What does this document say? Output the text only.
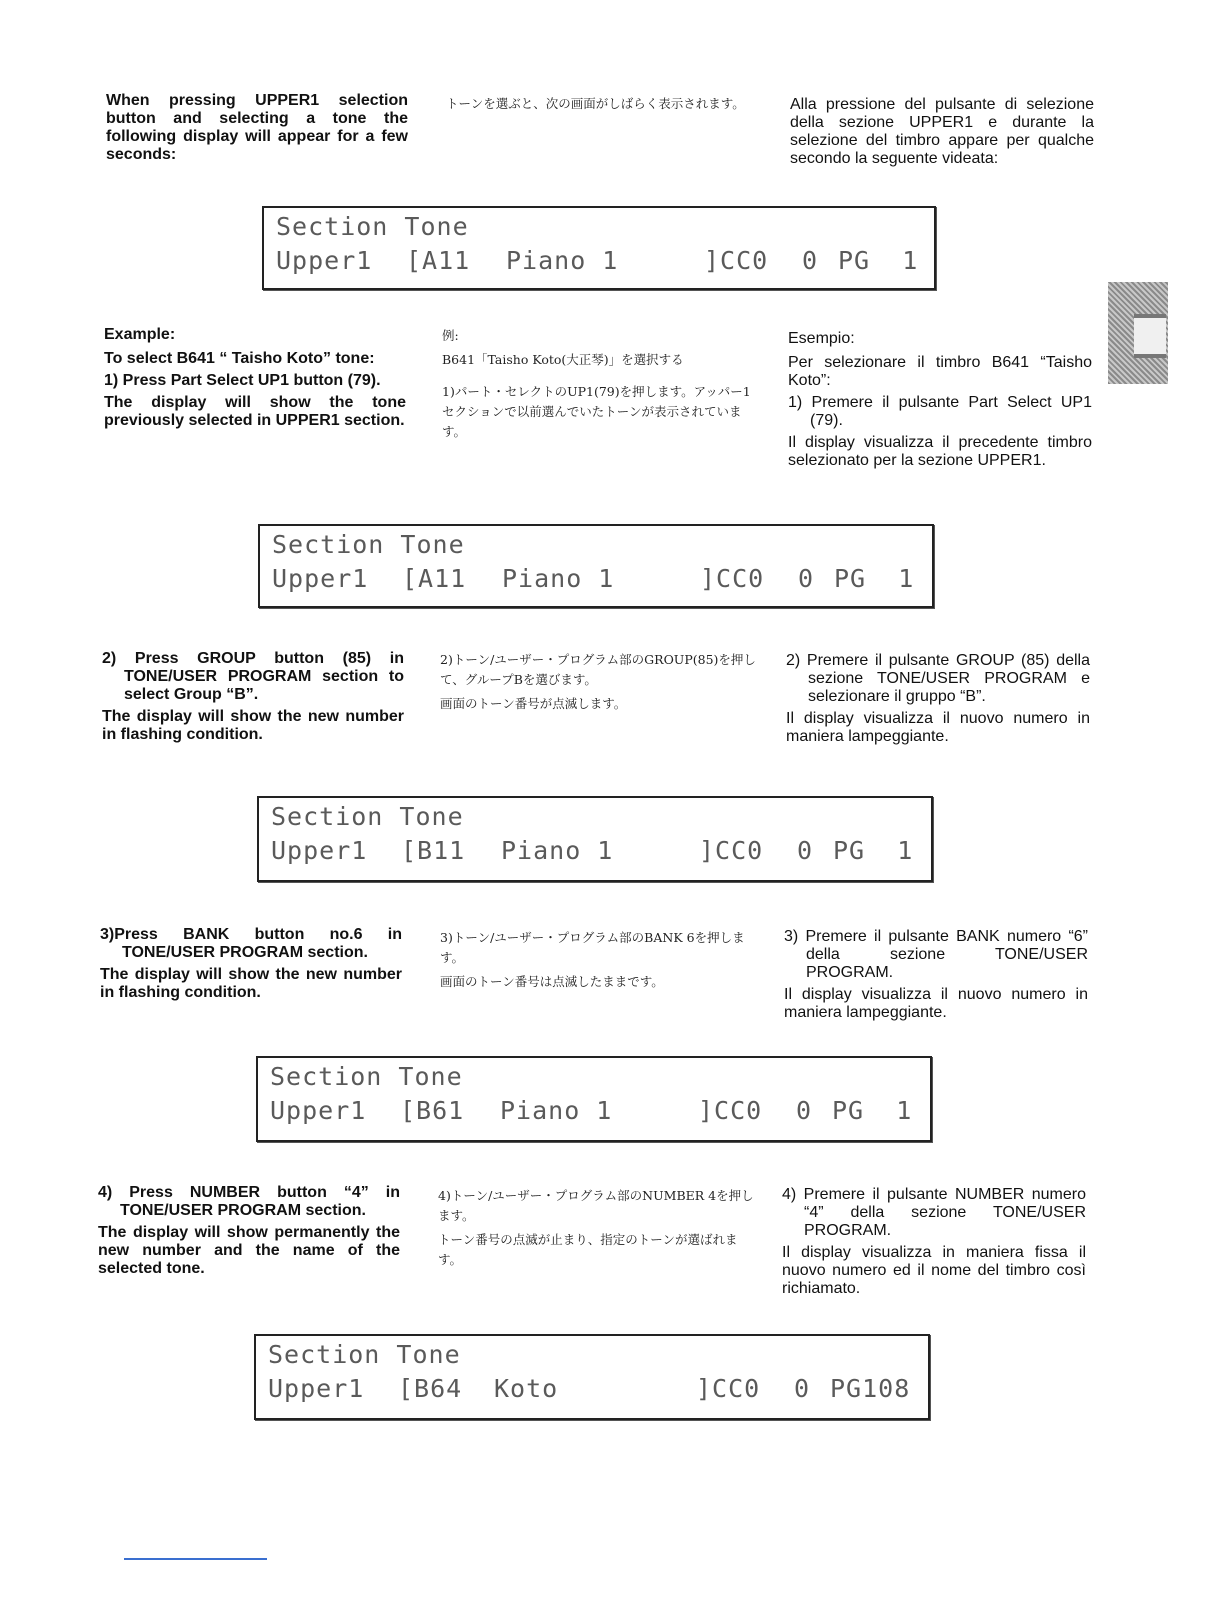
When pressing UPPER1 selection button and selecting a tone the following display will appear for a few seconds:

トーンを選ぶと、次の画面がしばらく表示されます。	Alla pressione del pulsante di selezione della sezione UPPER1 e durante la selezione del timbro appare per qualche secondo la seguente videata:

Section Tone

Upper1

[A11

Piano 1

	]CC0

0

PG  1

Example:

To select B641 “ Taisho Koto” tone:

1) Press Part Select UP1 button (79).

The display will show the tone previously selected in UPPER1 section.

例:

B641「Taisho Koto(大正琴)」を選択する

1)パート・セレクトのUP1(79)を押します。アッパー1セクションで以前選んでいたトーンが表示されています。

Esempio:

Per selezionare il timbro B641 “Taisho Koto”:

1) Premere il pulsante Part Select UP1 (79).

Il display visualizza il precedente timbro selezionato per la sezione UPPER1.

Section Tone

Upper1

[A11

Piano 1

	]CC0

0

PG  1

2) Press GROUP button (85) in TONE/USER PROGRAM section to select Group “B”.

The display will show the new number in flashing condition.

2)トーン/ユーザー・プログラム部のGROUP(85)を押して、グループBを選びます。

画面のトーン番号が点滅します。

2) Premere il pulsante GROUP (85) della sezione TONE/USER PROGRAM e selezionare il gruppo “B”.

Il display visualizza il nuovo numero in maniera lampeggiante.

Section Tone

Upper1

[B11

Piano 1

	]CC0

0

PG  1

3)Press BANK button no.6 in TONE/USER PROGRAM section.

The display will show the new number in flashing condition.

3)トーン/ユーザー・プログラム部のBANK 6を押します。

画面のトーン番号は点滅したままです。

3) Premere il pulsante BANK numero “6” della sezione TONE/USER PROGRAM.

Il display visualizza il nuovo numero in maniera lampeggiante.

Section Tone

Upper1

[B61

Piano 1

	]CC0

0

PG  1

4) Press NUMBER button “4” in TONE/USER PROGRAM section.

The display will show permanently the new number and the name of the selected tone.

4)トーン/ユーザー・プログラム部のNUMBER 4を押します。

トーン番号の点滅が止まり、指定のトーンが選ばれます。

4) Premere il pulsante NUMBER numero “4” della sezione TONE/USER PROGRAM.

Il display visualizza in maniera fissa il nuovo numero ed il nome del timbro così richiamato.

Section Tone

Upper1

[B64

Koto

	]CC0

0

PG108
